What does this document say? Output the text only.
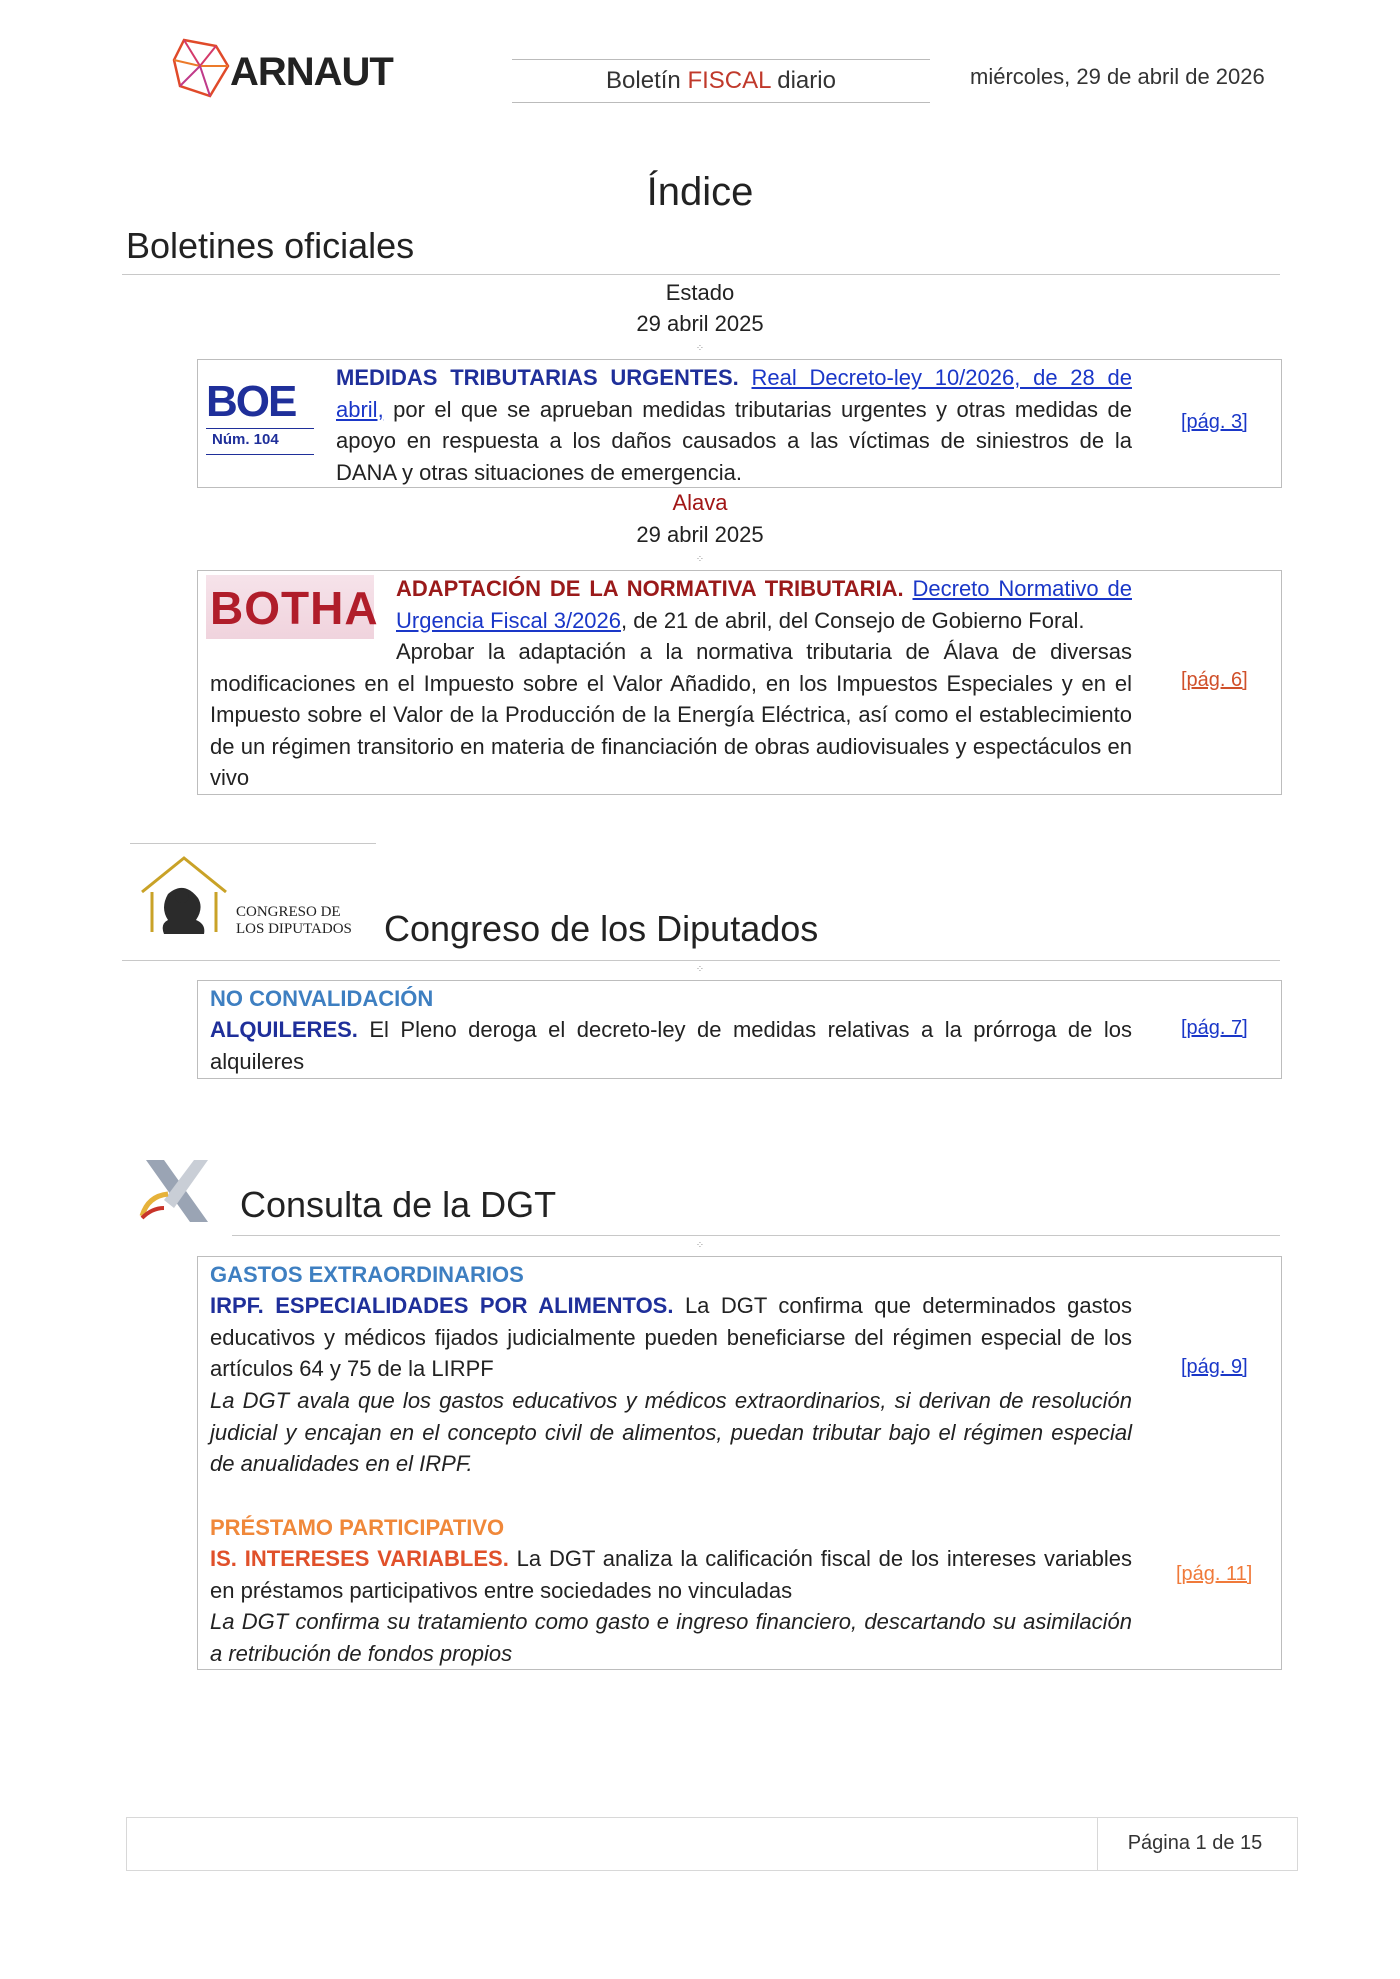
ARNAUT	Boletín FISCAL diario	miércoles, 29 de abril de 2026
Índice
Boletines oficiales
Estado
29 abril 2025
⁘
BOE
Núm. 104
MEDIDAS TRIBUTARIAS URGENTES. Real Decreto-ley 10/2026, de 28 de abril, por el que se aprueban medidas tributarias urgentes y otras medidas de apoyo en respuesta a los daños causados a las víctimas de siniestros de la DANA y otras situaciones de emergencia.
[pág. 3]
Alava
29 abril 2025
⁘
BOTHA ADAPTACIÓN DE LA NORMATIVA TRIBUTARIA. Decreto Normativo de Urgencia Fiscal 3/2026, de 21 de abril, del Consejo de Gobierno Foral.
Aprobar la adaptación a la normativa tributaria de Álava de diversas modificaciones en el Impuesto sobre el Valor Añadido, en los Impuestos Especiales y en el Impuesto sobre el Valor de la Producción de la Energía Eléctrica, así como el establecimiento de un régimen transitorio en materia de financiación de obras audiovisuales y espectáculos en vivo
[pág. 6]
CONGRESO DE
LOS DIPUTADOS Congreso de los Diputados
⁘
NO CONVALIDACIÓN
ALQUILERES. El Pleno deroga el decreto-ley de medidas relativas a la prórroga de los alquileres
[pág. 7]
Consulta de la DGT
⁘
GASTOS EXTRAORDINARIOS
IRPF. ESPECIALIDADES POR ALIMENTOS. La DGT confirma que determinados gastos educativos y médicos fijados judicialmente pueden beneficiarse del régimen especial de los artículos 64 y 75 de la LIRPF
La DGT avala que los gastos educativos y médicos extraordinarios, si derivan de resolución judicial y encajan en el concepto civil de alimentos, puedan tributar bajo el régimen especial de anualidades en el IRPF.
[pág. 9]
PRÉSTAMO PARTICIPATIVO
IS. INTERESES VARIABLES. La DGT analiza la calificación fiscal de los intereses variables en préstamos participativos entre sociedades no vinculadas
La DGT confirma su tratamiento como gasto e ingreso financiero, descartando su asimilación a retribución de fondos propios
[pág. 11]
Página 1 de 15
